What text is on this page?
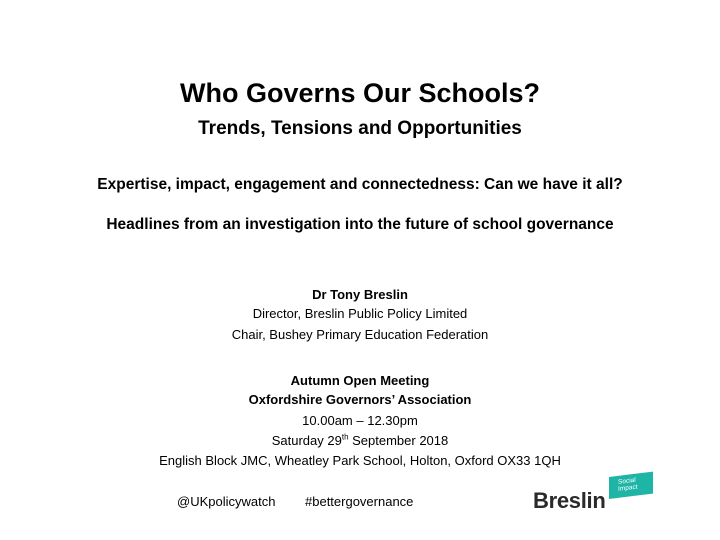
Who Governs Our Schools?
Trends, Tensions and Opportunities
Expertise, impact, engagement and connectedness: Can we have it all?
Headlines from an investigation into the future of school governance
Dr Tony Breslin
Director, Breslin Public Policy Limited
Chair, Bushey Primary Education Federation
Autumn Open Meeting
Oxfordshire Governors’ Association
10.00am – 12.30pm
Saturday 29th September 2018
English Block JMC, Wheatley Park School, Holton, Oxford OX33 1QH
@UKpolicywatch #bettergovernance
Social
Impact
Breslin
